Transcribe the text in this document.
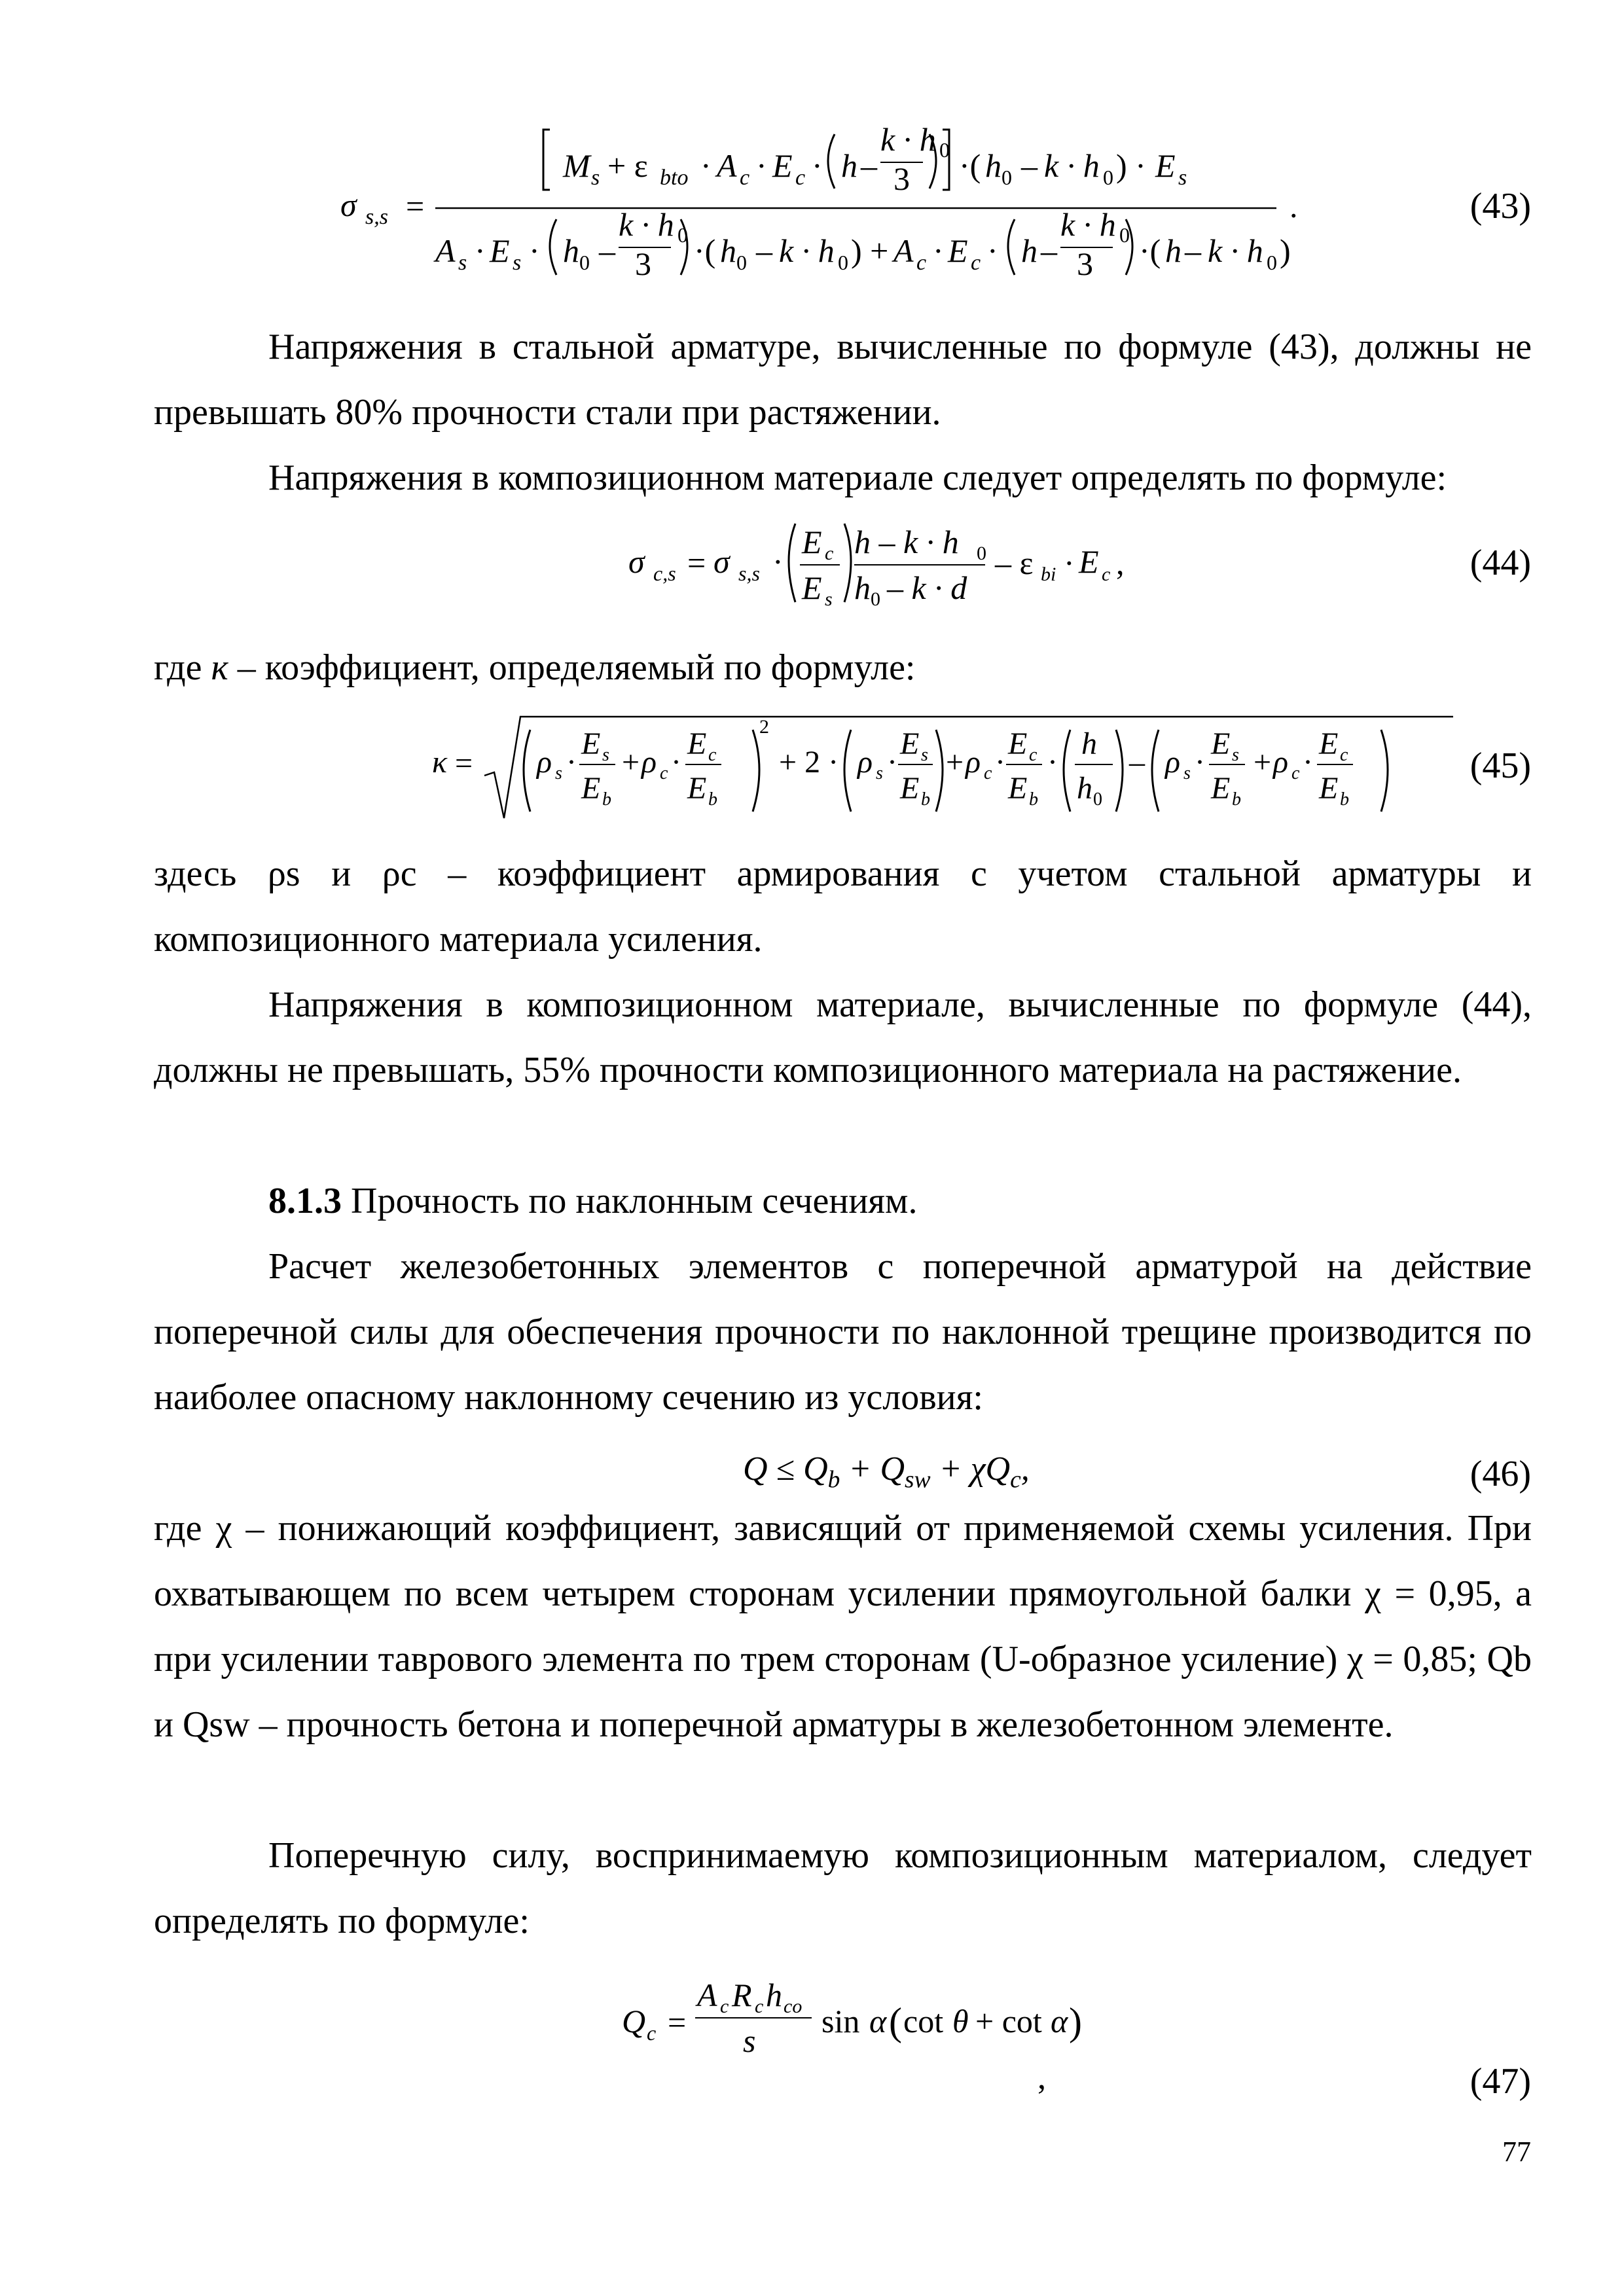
σ s,s =
M s + ε bto · A c · E c · h –
k · h 0
3 ·( h 0 – k · h 0 ) · E s
.
A s · E s · h 0 –
k · h 0
3 ·( h 0 – k · h 0 ) + A c · E c · h –
k · h 0
3 ·( h – k · h 0 )
(43)

Напряжения в стальной арматуре, вычисленные по формуле (43), должны не превышать 80% прочности стали при растяжении.

Напряжения в композиционном материале следует определять по формуле:

σ c,s = σ s,s ·
E c
E s
h – k · h 0
h 0 – k · d
– ε bi · E c ,	(44)

где к – коэффициент, определяемый по формуле:

κ = ρ s ·
E s
E b
+ ρ c ·
E c
E b
2
+ 2 · ρ s ·
E s
E b
+ ρ c ·
E c
E b
·
h
h 0
– ρ s ·
E s
E b
+ ρ c ·
E c
E b
(45)

здесь ρs и ρc – коэффициент армирования с учетом стальной арматуры и композиционного материала усиления.

Напряжения в композиционном материале, вычисленные по формуле (44), должны не превышать, 55% прочности композиционного материала на растяжение.

8.1.3 Прочность по наклонным сечениям.

Расчет железобетонных элементов с поперечной арматурой на действие поперечной силы для обеспечения прочности по наклонной трещине производится по наиболее опасному наклонному сечению из условия:

$Q \le Q_b + Q_{sw} + \chi Q_c$,	(46)

где χ – понижающий коэффициент, зависящий от применяемой схемы усиления. При охватывающем по всем четырем сторонам усилении прямоугольной балки χ = 0,95, а при усилении таврового элемента по трем сторонам (U-образное усиление) χ = 0,85; Qb и Qsw – прочность бетона и поперечной арматуры в железобетонном элементе.

Поперечную силу, воспринимаемую композиционным материалом, следует определять по формуле:

Q c =
A c R c h co
s
sin α ( cot θ + cot α )
,	(47)
77
